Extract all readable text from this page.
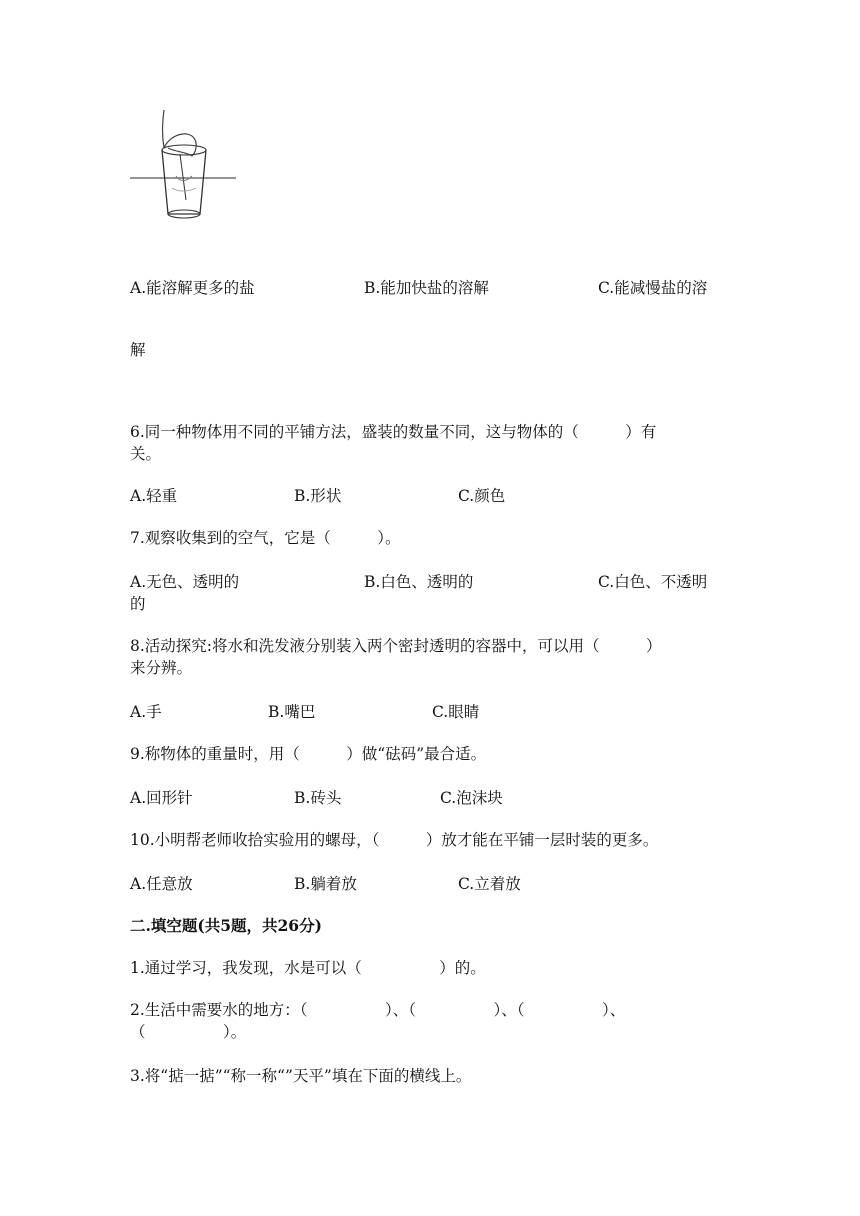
A.能溶解更多的盐	B.能加快盐的溶解	C.能减慢盐的溶
解
6.同一种物体用不同的平铺方法，盛装的数量不同，这与物体的（　　　）有
关。
A.轻重	B.形状	C.颜色
7.观察收集到的空气，它是（　　　）。
A.无色、透明的	B.白色、透明的	C.白色、不透明
的
8.活动探究:将水和洗发液分别装入两个密封透明的容器中，可以用（　　　）
来分辨。
A.手	B.嘴巴	C.眼睛
9.称物体的重量时，用（　　　）做“砝码”最合适。
A.回形针	B.砖头	C.泡沫块
10.小明帮老师收拾实验用的螺母，（　　　）放才能在平铺一层时装的更多。
A.任意放	B.躺着放	C.立着放
二.填空题(共5题，共26分)
1.通过学习，我发现，水是可以（　　　　　）的。
2.生活中需要水的地方：（　　　　　）、（　　　　　）、（　　　　　）、
（　　　　　）。
3.将“掂一掂”“称一称“”天平”填在下面的横线上。
